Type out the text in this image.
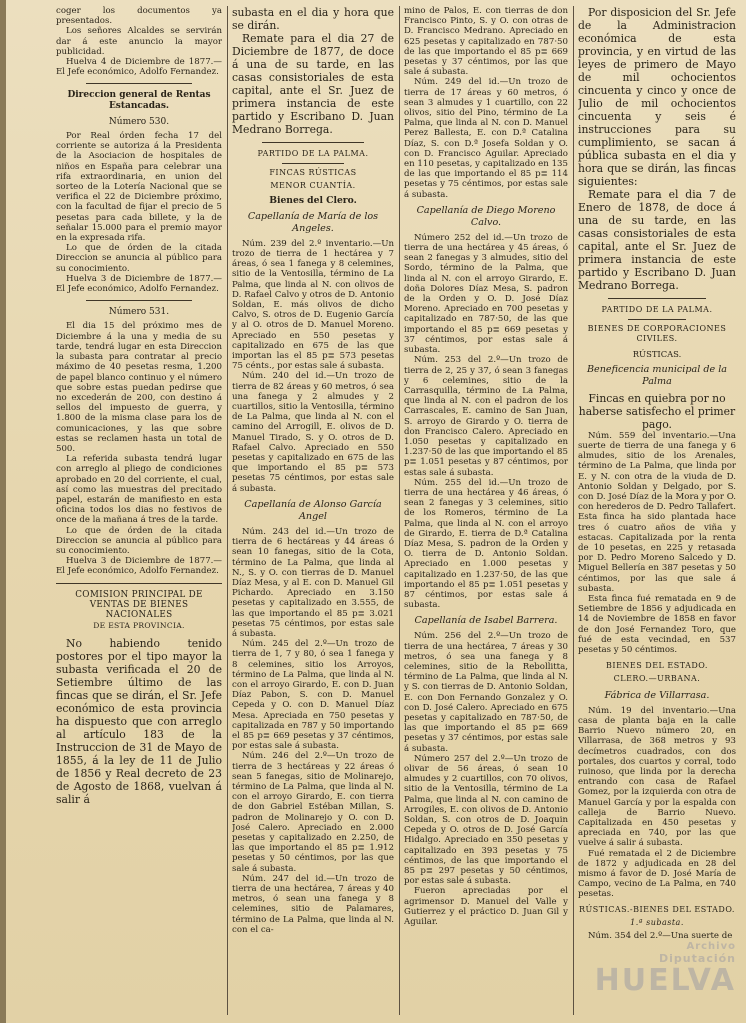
coger los documentos ya presentados.

Los señores Alcaldes se servirán dar á este anuncio la mayor publicidad.

Huelva 4 de Diciembre de 1877.—El Jefe económico, Adolfo Fernandez.

Direccion general de Rentas Estancadas.
Número 530.

Por Real órden fecha 17 del corriente se autoriza á la Presidenta de la Asociacion de hospitales de niños en España para celebrar una rifa extraordinaria, en union del sorteo de la Lotería Nacional que se verifica el 22 de Diciembre próximo, con la facultad de fijar el precio de 5 pesetas para cada billete, y la de señalar 15.000 para el premio mayor en la expresada rifa.

Lo que de órden de la citada Direccion se anuncia al público para su conocimiento.

Huelva 3 de Diciembre de 1877.—El Jefe económico, Adolfo Fernandez.

Número 531.

El dia 15 del próximo mes de Diciembre á la una y media de su tarde, tendrá lugar en esta Direccion la subasta para contratar al precio máximo de 40 pesetas resma, 1.200 de papel blanco continuo y el número que sobre estas puedan pedirse que no excederán de 200, con destino á sellos del impuesto de guerra, y 1.800 de la misma clase para los de comunicaciones, y las que sobre estas se reclamen hasta un total de 500.

La referida subasta tendrá lugar con arreglo al pliego de condiciones aprobado en 20 del corriente, el cual, así como las muestras del precitado papel, estarán de manifiesto en esta oficina todos los dias no festivos de once de la mañana á tres de la tarde.

Lo que de órden de la citada Direccion se anuncia al público para su conocimiento.

Huelva 3 de Diciembre de 1877.—El Jefe económico, Adolfo Fernandez.

COMISION PRINCIPAL DE VENTAS DE BIENES NACIONALES
DE ESTA PROVINCIA.

No habiendo tenido postores por el tipo mayor la subasta verificada el 20 de Setiembre último de las fincas que se dirán, el Sr. Jefe económico de esta provincia ha dispuesto que con arreglo al artículo 183 de la Instruccion de 31 de Mayo de 1855, á la ley de 11 de Julio de 1856 y Real decreto de 23 de Agosto de 1868, vuelvan á salir á

subasta en el dia y hora que se dirán.

Remate para el dia 27 de Diciembre de 1877, de doce á una de su tarde, en las casas consistoriales de esta capital, ante el Sr. Juez de primera instancia de este partido y Escribano D. Juan Medrano Borrega.

PARTIDO DE LA PALMA.
FINCAS RÚSTICAS
MENOR CUANTÍA.
Bienes del Clero.
Capellanía de María de los Angeles.

Núm. 239 del 2.º inventario.—Un trozo de tierra de 1 hectárea y 7 áreas, ó sea 1 fanega y 8 celemines, sitio de la Ventosilla, término de La Palma, que linda al N. con olivos de D. Rafael Calvo y otros de D. Antonio Soldan, E. más olivos de dicho Calvo, S. otros de D. Eugenio García y al O. otros de D. Manuel Moreno. Apreciado en 550 pesetas y capitalizado en 675 de las que importan las el 85 p≣ 573 pesetas 75 cénts., por estas sale á subasta.

Núm. 240 del id.—Un trozo de tierra de 82 áreas y 60 metros, ó sea una fanega y 2 almudes y 2 cuartillos, sitio la Ventosilla, término de La Palma, que linda al N. con el camino del Arrogill, E. olivos de D. Manuel Tirado, S. y O. otros de D. Rafael Calvo. Apreciado en 550 pesetas y capitalizado en 675 de las que importando el 85 p≣ 573 pesetas 75 céntimos, por estas sale á subasta.

Capellanía de Alonso García Angel

Núm. 243 del id.—Un trozo de tierra de 6 hectáreas y 44 áreas ó sean 10 fanegas, sitio de la Cota, término de La Palma, que linda al N., S. y O. con tierras de D. Manuel Díaz Mesa, y al E. con D. Manuel Gil Pichardo. Apreciado en 3.150 pesetas y capitalizado en 3.555, de las que importando el 85 p≣ 3.021 pesetas 75 céntimos, por estas sale á subasta.

Núm. 245 del 2.º—Un trozo de tierra de 1, 7 y 80, ó sea 1 fanega y 8 celemines, sitio los Arroyos, término de La Palma, que linda al N. con el arroyo Girardo, E. con D. Juan Díaz Pabon, S. con D. Manuel Cepeda y O. con D. Manuel Díaz Mesa. Apreciada en 750 pesetas y capitalizada en 787 y 50 importando el 85 p≣ 669 pesetas y 37 céntimos, por estas sale á subasta.

Núm. 246 del 2.º—Un trozo de tierra de 3 hectáreas y 22 áreas ó sean 5 fanegas, sitio de Molinarejo, término de La Palma, que linda al N. con el arroyo Girardo, E. con tierra de don Gabriel Estéban Millan, S. padron de Molinarejo y O. con D. José Calero. Apreciado en 2.000 pesetas y capitalizado en 2.250, de las que importando el 85 p≣ 1.912 pesetas y 50 céntimos, por las que sale á subasta.

Núm. 247 del id.—Un trozo de tierra de una hectárea, 7 áreas y 40 metros, ó sean una fanega y 8 celemines, sitio de Palamares, término de La Palma, que linda al N. con el ca-

mino de Palos, E. con tierras de don Francisco Pinto, S. y O. con otras de D. Francisco Medrano. Apreciado en 625 pesetas y capitalizado en 787·50 de las que importando el 85 p≣ 669 pesetas y 37 céntimos, por las que sale á subasta.

Núm. 249 del id.—Un trozo de tierra de 17 áreas y 60 metros, ó sean 3 almudes y 1 cuartillo, con 22 olivos, sitio del Pino, término de La Palma, que linda al N. con D. Manuel Perez Ballesta, E. con D.ª Catalina Díaz, S. con D.ª Josefa Soldan y O. con D. Francisco Aguilar. Apreciado en 110 pesetas, y capitalizado en 135 de las que importando el 85 p≣ 114 pesetas y 75 céntimos, por estas sale á subasta.

Capellanía de Diego Moreno Calvo.

Número 252 del id.—Un trozo de tierra de una hectárea y 45 áreas, ó sean 2 fanegas y 3 almudes, sitio del Sordo, término de la Palma, que linda al N. con el arroyo Girardo, E. doña Dolores Díaz Mesa, S. padron de la Orden y O. D. José Díaz Moreno. Apreciado en 700 pesetas y capitalizado en 787·50, de las que importando el 85 p≣ 669 pesetas y 37 céntimos, por estas sale á subasta.

Núm. 253 del 2.º—Un trozo de tierra de 2, 25 y 37, ó sean 3 fanegas y 6 celemines, sitio de la Carrasquilla, término de La Palma, que linda al N. con el padron de los Carrascales, E. camino de San Juan, S. arroyo de Girardo y O. tierra de don Francisco Calero. Apreciado en 1.050 pesetas y capitalizado en 1.237·50 de las que importando el 85 p≣ 1.051 pesetas y 87 céntimos, por estas sale á subasta.

Núm. 255 del id.—Un trozo de tierra de una hectárea y 46 áreas, ó sean 2 fanegas y 3 celemines, sitio de los Romeros, término de La Palma, que linda al N. con el arroyo de Girardo, E. tierra de D.ª Catalina Díaz Mesa, S. padron de la Orden y O. tierra de D. Antonio Soldan. Apreciado en 1.000 pesetas y capitalizado en 1.237·50, de las que importando el 85 p≣ 1.051 pesetas y 87 céntimos, por estas sale á subasta.

Capellanía de Isabel Barrera.

Núm. 256 del 2.º—Un trozo de tierra de una hectárea, 7 áreas y 30 metros, ó sea una fanega y 8 celemines, sitio de la Rebollitta, término de La Palma, que linda al N. y S. con tierras de D. Antonio Soldan, E. con Don Fernando Gonzalez y O. con D. José Calero. Apreciado en 675 pesetas y capitalizado en 787·50, de las que importando el 85 p≣ 669 pesetas y 37 céntimos, por estas sale á subasta.

Número 257 del 2.º—Un trozo de olivar de 56 áreas, ó sean 10 almudes y 2 cuartillos, con 70 olivos, sitio de la Ventosilla, término de La Palma, que linda al N. con camino de Arrogiles, E. con olivos de D. Antonio Soldan, S. con otros de D. Joaquin Cepeda y O. otros de D. José García Hidalgo. Apreciado en 350 pesetas y capitalizado en 393 pesetas y 75 céntimos, de las que importando el 85 p≣ 297 pesetas y 50 céntimos, por estas sale á subasta.

Fueron apreciadas por el agrimensor D. Manuel del Valle y Gutierrez y el práctico D. Juan Gil y Aguilar.

Por disposicion del Sr. Jefe de la Administracion económica de esta provincia, y en virtud de las leyes de primero de Mayo de mil ochocientos cincuenta y cinco y once de Julio de mil ochocientos cincuenta y seis é instrucciones para su cumplimiento, se sacan á pública subasta en el dia y hora que se dirán, las fincas siguientes:

Remate para el dia 7 de Enero de 1878, de doce á una de su tarde, en las casas consistoriales de esta capital, ante el Sr. Juez de primera instancia de este partido y Escribano D. Juan Medrano Borrega.

PARTIDO DE LA PALMA.
BIENES DE CORPORACIONES CIVILES.
RÚSTICAS.
Beneficencia municipal de la Palma

Fincas en quiebra por no haberse satisfecho el primer pago.

Núm. 559 del inventario.—Una suerte de tierra de una fanega y 6 almudes, sitio de los Arenales, término de La Palma, que linda por E. y N. con otra de la viuda de D. Antonio Soldan y Delgado, por S. con D. José Díaz de la Mora y por O. con herederos de D. Pedro Tallafert. Esta finca ha sido plantada hace tres ó cuatro años de viña y estacas. Capitalizada por la renta de 10 pesetas, en 225 y retasada por D. Pedro Moreno Salcedo y D. Miguel Bellería en 387 pesetas y 50 céntimos, por las que sale á subasta.

Esta finca fué rematada en 9 de Setiembre de 1856 y adjudicada en 14 de Noviembre de 1858 en favor de don José Fernandez Toro, que fué de esta vecindad, en 537 pesetas y 50 céntimos.

BIENES DEL ESTADO.
CLERO.—URBANA.
Fábrica de Villarrasa.

Núm. 19 del inventario.—Una casa de planta baja en la calle Barrio Nuevo número 20, en Villarrasa, de 368 metros y 93 decímetros cuadrados, con dos portales, dos cuartos y corral, todo ruinoso, que linda por la derecha entrando con casa de Rafael Gomez, por la izquierda con otra de Manuel García y por la espalda con calleja de Barrio Nuevo. Capitalizada en 450 pesetas y apreciada en 740, por las que vuelve á salir á subasta.

Fué rematada el 2 de Diciembre de 1872 y adjudicada en 28 del mismo á favor de D. José María de Campo, vecino de La Palma, en 740 pesetas.

RÚSTICAS.-BIENES DEL ESTADO.
1.ª subasta.

Núm. 354 del 2.º—Una suerte de

Archivo
Diputación
HUELVA
